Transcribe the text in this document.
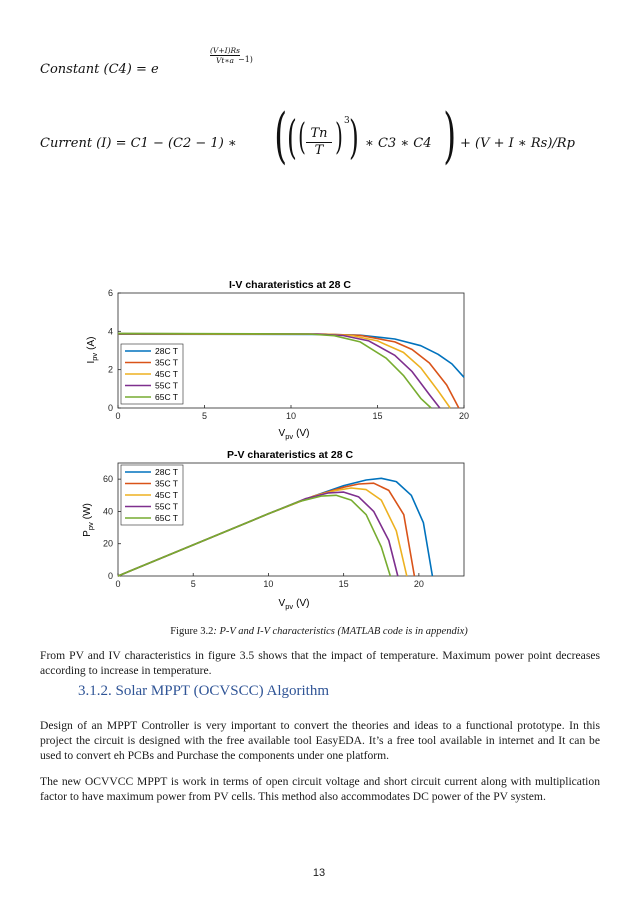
Constant (C4) = e
$\frac{(V+I)Rs}{Vt∗a}$
−1)
Current (I) = C1 − (C2 − 1) ∗ ( ( ( $\frac{Tn}{T}$ ) 3 ) ∗ C3 ∗ C4 ) + (V + I ∗ Rs)/Rp
I-V charateristics at 28 C
0	5	10	15	20
0
2
4
6
28C T
35C T
45C T
55C T
65C T
$I_{pv}(A)$
$V_{pv}$ (V)
P-V charateristics at 28 C
0	5	10	15	20
0
20
40
60
28C T
35C T
45C T
55C T
65C T
$P_{pv}(W)$
$V_{pv}$ (V)
Figure 3.2: P-V and I-V characteristics (MATLAB code is in appendix)
From PV and IV characteristics in figure 3.5 shows that the impact of temperature. Maximum power point decreases according to increase in temperature.
3.1.2. Solar MPPT (OCVSCC) Algorithm
Design of an MPPT Controller is very important to convert the theories and ideas to a functional prototype. In this project the circuit is designed with the free available tool EasyEDA. It’s a free tool available in internet and It can be used to convert eh PCBs and Purchase the components under one platform.
The new OCVVCC MPPT is work in terms of open circuit voltage and short circuit current along with multiplication factor to have maximum power from PV cells. This method also accommodates DC power of the PV system.
13
